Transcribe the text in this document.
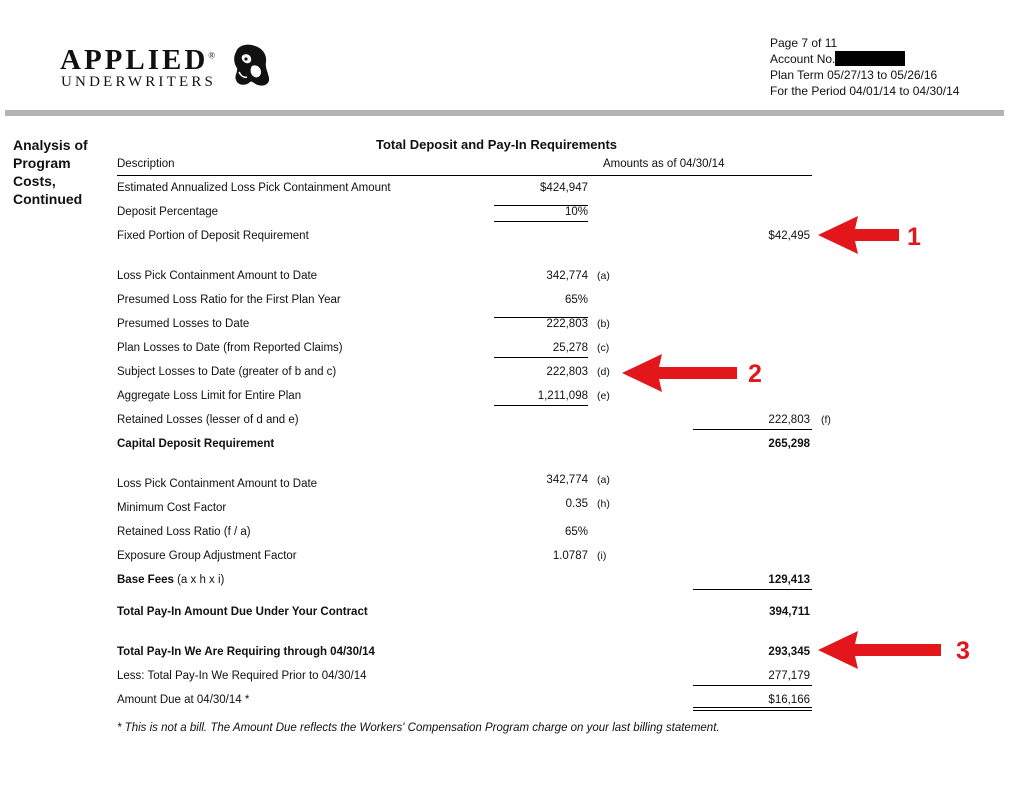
APPLIED®
UNDERWRITERS
Page 7 of 11
Account No.
Plan Term 05/27/13 to 05/26/16
For the Period 04/01/14 to 04/30/14
Analysis of
Program
Costs,
Continued
Total Deposit and Pay-In Requirements
Description	Amounts as of 04/30/14
Estimated Annualized Loss Pick Containment Amount	$424,947
Deposit Percentage	10%
Fixed Portion of Deposit Requirement	$42,495
Loss Pick Containment Amount to Date	342,774 (a)
Presumed Loss Ratio for the First Plan Year	65%
Presumed Losses to Date	222,803 (b)
Plan Losses to Date (from Reported Claims)	25,278 (c)
Subject Losses to Date (greater of b and c)	222,803 (d)
Aggregate Loss Limit for Entire Plan	1,211,098 (e)
Retained Losses (lesser of d and e)	222,803 (f)
Capital Deposit Requirement	265,298
Loss Pick Containment Amount to Date	342,774 (a)
Minimum Cost Factor	0.35 (h)
Retained Loss Ratio (f / a)	65%
Exposure Group Adjustment Factor	1.0787 (i)
Base Fees (a x h x i)	129,413
Total Pay-In Amount Due Under Your Contract	394,711
Total Pay-In We Are Requiring through 04/30/14	293,345
Less: Total Pay-In We Required Prior to 04/30/14	277,179
Amount Due at 04/30/14 *	$16,166
* This is not a bill. The Amount Due reflects the Workers' Compensation Program charge on your last billing statement.
1
2
3
